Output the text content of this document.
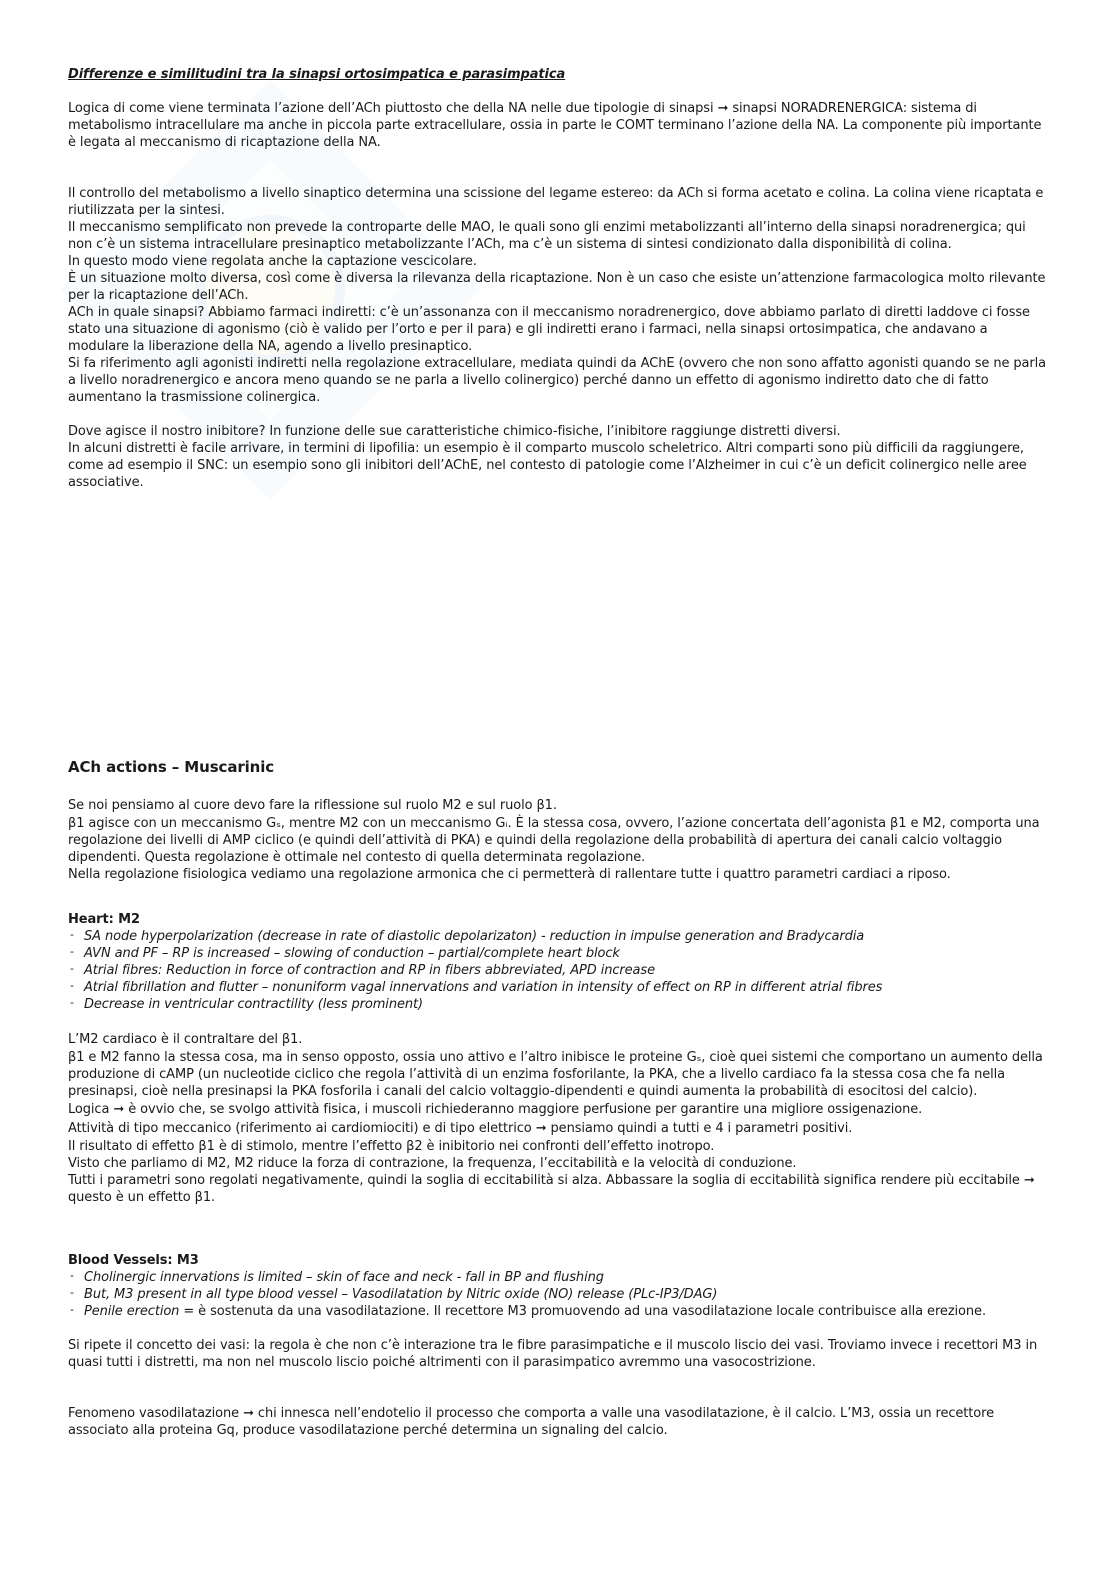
Differenze e similitudini tra la sinapsi ortosimpatica e parasimpatica

Logica di come viene terminata l’azione dell’ACh piuttosto che della NA nelle due tipologie di sinapsi ➞ sinapsi NORADRENERGICA: sistema di metabolismo intracellulare ma anche in piccola parte extracellulare, ossia in parte le COMT terminano l’azione della NA. La componente più importante è legata al meccanismo di ricaptazione della NA.

Il controllo del metabolismo a livello sinaptico determina una scissione del legame estereo: da ACh si forma acetato e colina. La colina viene ricaptata e riutilizzata per la sintesi.

Il meccanismo semplificato non prevede la controparte delle MAO, le quali sono gli enzimi metabolizzanti all’interno della sinapsi noradrenergica; qui non c’è un sistema intracellulare presinaptico metabolizzante l’ACh, ma c’è un sistema di sintesi condizionato dalla disponibilità di colina.

In questo modo viene regolata anche la captazione vescicolare.

È un situazione molto diversa, così come è diversa la rilevanza della ricaptazione. Non è un caso che esiste un’attenzione farmacologica molto rilevante per la ricaptazione dell’ACh.

ACh in quale sinapsi? Abbiamo farmaci indiretti: c’è un’assonanza con il meccanismo noradrenergico, dove abbiamo parlato di diretti laddove ci fosse stato una situazione di agonismo (ciò è valido per l’orto e per il para) e gli indiretti erano i farmaci, nella sinapsi ortosimpatica, che andavano a modulare la liberazione della NA, agendo a livello presinaptico.

Si fa riferimento agli agonisti indiretti nella regolazione extracellulare, mediata quindi da AChE (ovvero che non sono affatto agonisti quando se ne parla a livello noradrenergico e ancora meno quando se ne parla a livello colinergico) perché danno un effetto di agonismo indiretto dato che di fatto aumentano la trasmissione colinergica.

Dove agisce il nostro inibitore? In funzione delle sue caratteristiche chimico-fisiche, l’inibitore raggiunge distretti diversi.

In alcuni distretti è facile arrivare, in termini di lipofilia: un esempio è il comparto muscolo scheletrico. Altri comparti sono più difficili da raggiungere, come ad esempio il SNC: un esempio sono gli inibitori dell’AChE, nel contesto di patologie come l’Alzheimer in cui c’è un deficit colinergico nelle aree associative.

ACh actions – Muscarinic

Se noi pensiamo al cuore devo fare la riflessione sul ruolo M2 e sul ruolo β1.

β1 agisce con un meccanismo Gₛ, mentre M2 con un meccanismo Gᵢ. È la stessa cosa, ovvero, l’azione concertata dell’agonista β1 e M2, comporta una regolazione dei livelli di AMP ciclico (e quindi dell’attività di PKA) e quindi della regolazione della probabilità di apertura dei canali calcio voltaggio dipendenti. Questa regolazione è ottimale nel contesto di quella determinata regolazione.

Nella regolazione fisiologica vediamo una regolazione armonica che ci permetterà di rallentare tutte i quattro parametri cardiaci a riposo.

Heart: M2

- SA node hyperpolarization (decrease in rate of diastolic depolarizaton) - reduction in impulse generation and Bradycardia
- AVN and PF – RP is increased – slowing of conduction – partial/complete heart block
- Atrial fibres: Reduction in force of contraction and RP in fibers abbreviated, APD increase
- Atrial fibrillation and flutter – nonuniform vagal innervations and variation in intensity of effect on RP in different atrial fibres
- Decrease in ventricular contractility (less prominent)

L’M2 cardiaco è il contraltare del β1.

β1 e M2 fanno la stessa cosa, ma in senso opposto, ossia uno attivo e l’altro inibisce le proteine Gₛ, cioè quei sistemi che comportano un aumento della produzione di cAMP (un nucleotide ciclico che regola l’attività di un enzima fosforilante, la PKA, che a livello cardiaco fa la stessa cosa che fa nella presinapsi, cioè nella presinapsi la PKA fosforila i canali del calcio voltaggio-dipendenti e quindi aumenta la probabilità di esocitosi del calcio).

Logica ➞ è ovvio che, se svolgo attività fisica, i muscoli richiederanno maggiore perfusione per garantire una migliore ossigenazione.

Attività di tipo meccanico (riferimento ai cardiomiociti) e di tipo elettrico ➞ pensiamo quindi a tutti e 4 i parametri positivi.

Il risultato di effetto β1 è di stimolo, mentre l’effetto β2 è inibitorio nei confronti dell’effetto inotropo.

Visto che parliamo di M2, M2 riduce la forza di contrazione, la frequenza, l’eccitabilità e la velocità di conduzione.

Tutti i parametri sono regolati negativamente, quindi la soglia di eccitabilità si alza. Abbassare la soglia di eccitabilità significa rendere più eccitabile ➞ questo è un effetto β1.

Blood Vessels: M3

- Cholinergic innervations is limited – skin of face and neck - fall in BP and flushing
- But, M3 present in all type blood vessel – Vasodilatation by Nitric oxide (NO) release (PLc-IP3/DAG)
- Penile erection = è sostenuta da una vasodilatazione. Il recettore M3 promuovendo ad una vasodilatazione locale contribuisce alla erezione.

Si ripete il concetto dei vasi: la regola è che non c’è interazione tra le fibre parasimpatiche e il muscolo liscio dei vasi. Troviamo invece i recettori M3 in quasi tutti i distretti, ma non nel muscolo liscio poiché altrimenti con il parasimpatico avremmo una vasocostrizione.

Fenomeno vasodilatazione ➞ chi innesca nell’endotelio il processo che comporta a valle una vasodilatazione, è il calcio. L’M3, ossia un recettore associato alla proteina Gq, produce vasodilatazione perché determina un signaling del calcio.
